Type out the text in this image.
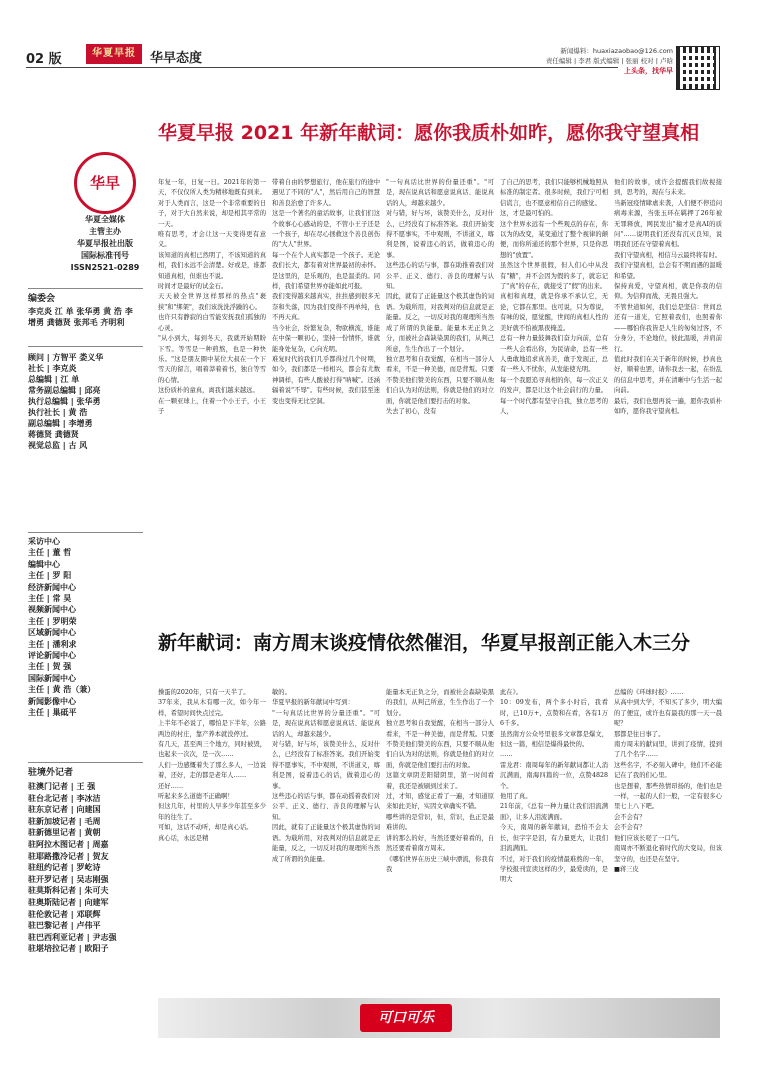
02 版	华夏早报	华早态度	新闻爆料：huaxiazaobao@126.com
责任编辑 | 李君 版式编辑 | 张丽 校对 | 卢晗
上头条，找华早
华早
华夏全媒体
主管主办
华夏早报社出版
国际标准刊号
ISSN2521-0289
编委会
李克炎 江 单 张华勇 黄 浩 李增勇 龚德贤 张邦毛 齐明利
顾问 | 方智平 娄义华
社长 | 李克炎
总编辑 | 江 单
常务副总编辑 | 邱亮
执行总编辑 | 张华勇
执行社长 | 黄 浩
副总编辑 | 李增勇
蒋德贤 龚德贤
视觉总监 | 古 风
采访中心
主任 | 董 哲
编辑中心
主任 | 罗 阳
经济新闻中心
主任 | 常 昊
视频新闻中心
主任 | 罗明荣
区域新闻中心
主任 | 潘利求
评论新闻中心
主任 | 贺 强
国际新闻中心
主任 | 黄 浩（兼）
新闻影像中心
主任 | 巢砥平
驻境外记者
驻澳门记者 | 王 强
驻台北记者 | 李冰洁
驻东京记者 | 向建国
驻新加坡记者 | 毛周
驻新德里记者 | 黄朝
驻阿拉木图记者 | 周嘉
驻耶路撒冷记者 | 贺友
驻纽约记者 | 罗屹诗
驻开罗记者 | 吴志刚强
驻莫斯科记者 | 朱可夫
驻奥斯陆记者 | 向建军
驻伦敦记者 | 邓联辉
驻巴黎记者 | 卢伟平
驻巴西利亚记者 | 尹志强
驻堪培拉记者 | 欧阳子
华夏早报 2021 年新年献词：愿你我质朴如昨，愿你我守望真相
年复一年，日复一日。2021年的第一天，不仅仅所人类为精移地既有到来。对于人类而言，这是一个非常重要的日子，对于大自然来说，却是相其平常的一天。
唯有思考，才会让这一天变得更有意义。
该知道的真相已然明了，不该知道的真相，我们永远不会清楚。好或是，谁都知道真相，但谁也不说。
时间才是最好的试金石。
天天被全世界这样那样的热点"裹挟"和"绑架"，我们该洗洗浮躁的心。
也许只有静寂的白雪能安抚我们孤独的心灵。
"从小到大，每到冬天，我就开始期盼下雪。等雪是一种煎熬，也是一种快乐。"这是朋友圈中某位大叔在一个下雪天的留言，唱着莽着着书，独自等雪的心情。
这份质朴的童真，离我们越来越远。
在一颗亚球上，住着一个小王子，小王子
带着自由的梦想旅行，他在旅行的途中遇见了不同的"人"，然后用自己的智慧和善良治愈了许多人。
这是一个著名的童话故事，让我们们这个故事心心感动的是，不管小王子还是一个孩子，却在尽心拯救这个善良创伤的"大人"世界。
每一个在个人真实都是一个孩子。无论我们长大，都有着对世界最初的赤怀。是这里的，是乐观的，也是温柔的。同样，我们希望世界亦能如此可报。
我们变得越来越真实，拄拄感到很多无奈和失落，因为我们变得不再单纯，也不再天真。
当今社会，纷繁复杂，物欲横流，谁能在中保一颗初心，坚持一份情怀，谁就能身处复杂，心向光明。
难复时代的我们几乎都得过几个时期，如今，我们都是一样相兴，都会有尤数神调样，有些人酸被打得"呐喊"。还涵辐着说"不辱"。有些时候，我们甚至迷变也变得无比空洞。
"一句真话比世界的份量还重"。"可是，现在说真话和愿意说真话、能说真话的人，却越来越少。
对与错，好与坏，该赞美什么，反对什么，已经没有了标准答案。我们开始变得不愿事实，不中观则，不讲道义，喀利是图，说着违心的话，做着违心的事。
这些违心的话与事，都在助推着我们对公平、正义、德行、善良的理解与认知。
因此，就有了正能量这个极其虚伪的词语。为载所用，对我判对的信息就是正能量。反之，一切反对我的观理所当然成了所谓的负能量。能量本无正负之分，而被社会森缺染黑的我们，从判己所意，生生作出了一个划分。
独立思考和自我觉醒，在相当一部分人看来，不是一种美德，而是背叛。只要不赞美他们赞美的东西，只要不顺从他们自认为对的法则，你就是他们的对立面，你就是他们要打击的对象。
失去了初心，没有
了自己的思考，我们只能够机械地照从标准的制定者。很多时候，我们宁可相信谎言，也不愿意相信自己的感觉。
这，才是最可怕的。
这个世界永远有一个些观点的存在，你以为的改变，某变通过了整个视律的颠便，而你所通还的那个世界，只是你思想的"放置"。
虽然这个世界很假，但人们心中从没有"糖"，并不会因为假的多了，就忘记了"真"的存在，就接受了"假"的出来。
真相和真理，就是你承不承认它，无论，它都在那里。也可说，只为尊说，有味的说，愿觉醒，世间的真相人性的美好就不怕被黑夜掩盖。
总有一种力量鼓舞我们奋力向前，总有一些人会看出你，为民请命，总有一些人勇敢地追求真善美，敢于发现正，总有一些人不忧你，从发能使光明。
每一个我愿追寻真相的你，每一次正义的发声，都是让这个社会前行的力量。
每一个时代都有坚守自我，独立思考的人，
他们的故事，或许会提醒我们故视接到，思考的，现在与未来。
当新冠疫情肆虐来袭，人们便不停追问病毒来源，当张玉环在羁押了26年被无罪释放，网民发出"撞才是真AI的质问"……说明我们还没有沉灭良知，说明我们还在守望着真相。
我们守望真相，相信马云最终将有时。
我们守望真相，总会有不期而遇的温暖和希望。
保持真爱，守望真相，就是你我的信仰。为信仰而战，无畏且强大。
不管世道如何，我们总是坚信：世间总还有一道光，它照着我们，也照着你——哪怕你我皆是人生的匆匆过客，不分身分，不论地位，彼此温暖，并肩前行。
值此时我们在关于新年的时候，抄真也好，顺着也罢，请你我去一起，在纷乱的信息中思考，并在清晰中与生活一起向前。
最后，我们也想再说一遍，愿你我质朴如昨，愿你我守望真相。
新年献词：南方周末谈疫情依然催泪，华夏早报剖正能入木三分
操蛋的2020年，只有一天半了。
37年来，我从木有哪一次，如今年一样，希望时间快点过完。
上半年不必说了，哪怕是下半年，公路两边的村庄，靠产养本就没停过。
有几天，甚至两三个地方，同时被毁，也起来一次次，是一次……
人们一边感慨着失了那么多人，一边说着，还好，走的都是老年人……
还好……
听起来多么道德不正确啊！
但这几年，村里的人早多少年甚至多少年的往生了。
可如，这话不动听，却是真心话。
真心话，永远是精
敏的。
华夏早报的新年献词中写到：
"一句真话比世界的分量还重"。"可是，现在说真话和愿意说真话、能说真话的人，却越来越少。
对与错，好与坏，该赞美什么，反对什么，已经没有了标准答案。我们开始变得不愿事实，不中观则，不讲道义，喀利是图，说着违心的话，做着违心的事。
这些违心的话与事，都在动摇着我们对公平、正义、德行、善良的理解与认知。
因此，就有了正能量这个极其虚伪的词语。为载所用，对我判对的信息就是正能量，反之，一切反对我的观理所当然成了所谓的负能量。
能量本无正负之分，而被社会森缺染黑的我们，从判己所意，生生作出了一个划分。
独立思考和自我觉醒，在相当一部分人看来，不是一种美德，而是背叛。只要不赞美他们赞美的东西，只要不顺从他们自认为对的法则，你就是他们的对立面，你就是他们要打击的对象。
这篇文章阴差阳错阴里，第一时间看着，我还是被刷到过来了。
过，才知，感觉正看了一遍，才知道原来如此美好，实因文章确实不错。
哪些讲的是常识，但，常识，也正是最难讲的。
讲的那么的好，当然还要好着看的，自然还要看着南方周末。
《哪怕世界在历史三峡中漂流，你我有我
此在》。
10：09发布，两个多小时后，我看时，已10万+，点赞和在看，各有1万6千多。
虽然南方公众号里很多文章都是爆文，但这一篇，相信是爆得最快的。
……
雷龙君：南周每年的新年献词都让人消沉满面，南海四篇的一位，点赞4828个。
他用了真。
21年前，《总有一种力量让我们泪流满面》，让多人泪流满面。
今天，南周的新年献词，恐怕不会太长，但字字是泪，有力量更大，让我们泪流满面。
不过，对于我们的疫情最难熬的一年，学校报刊宣读这样的少，最爱读的，是明大
总编的《环球时报》……
从高中到大学，不知买了多少，明大编的了便宜，或许也有最我的那一天一晨呢？
那都是往日事了。
南方周末的献词里，讲到了疫情，提到了几个名字……
这些名字，不必刻入碑中，他们不必能记在了我的们心里。
也是想着，那些热情昂扬的，他们也是一样，一起的人们一般，一定有很多心里七上八下吧。
会不会有？
会不会有？
他们应该长嗟了一口气。
南周亦不断退化着时代的大变局，但该坚守的，也还是在坚守。
■蒋三皮
可口可乐
